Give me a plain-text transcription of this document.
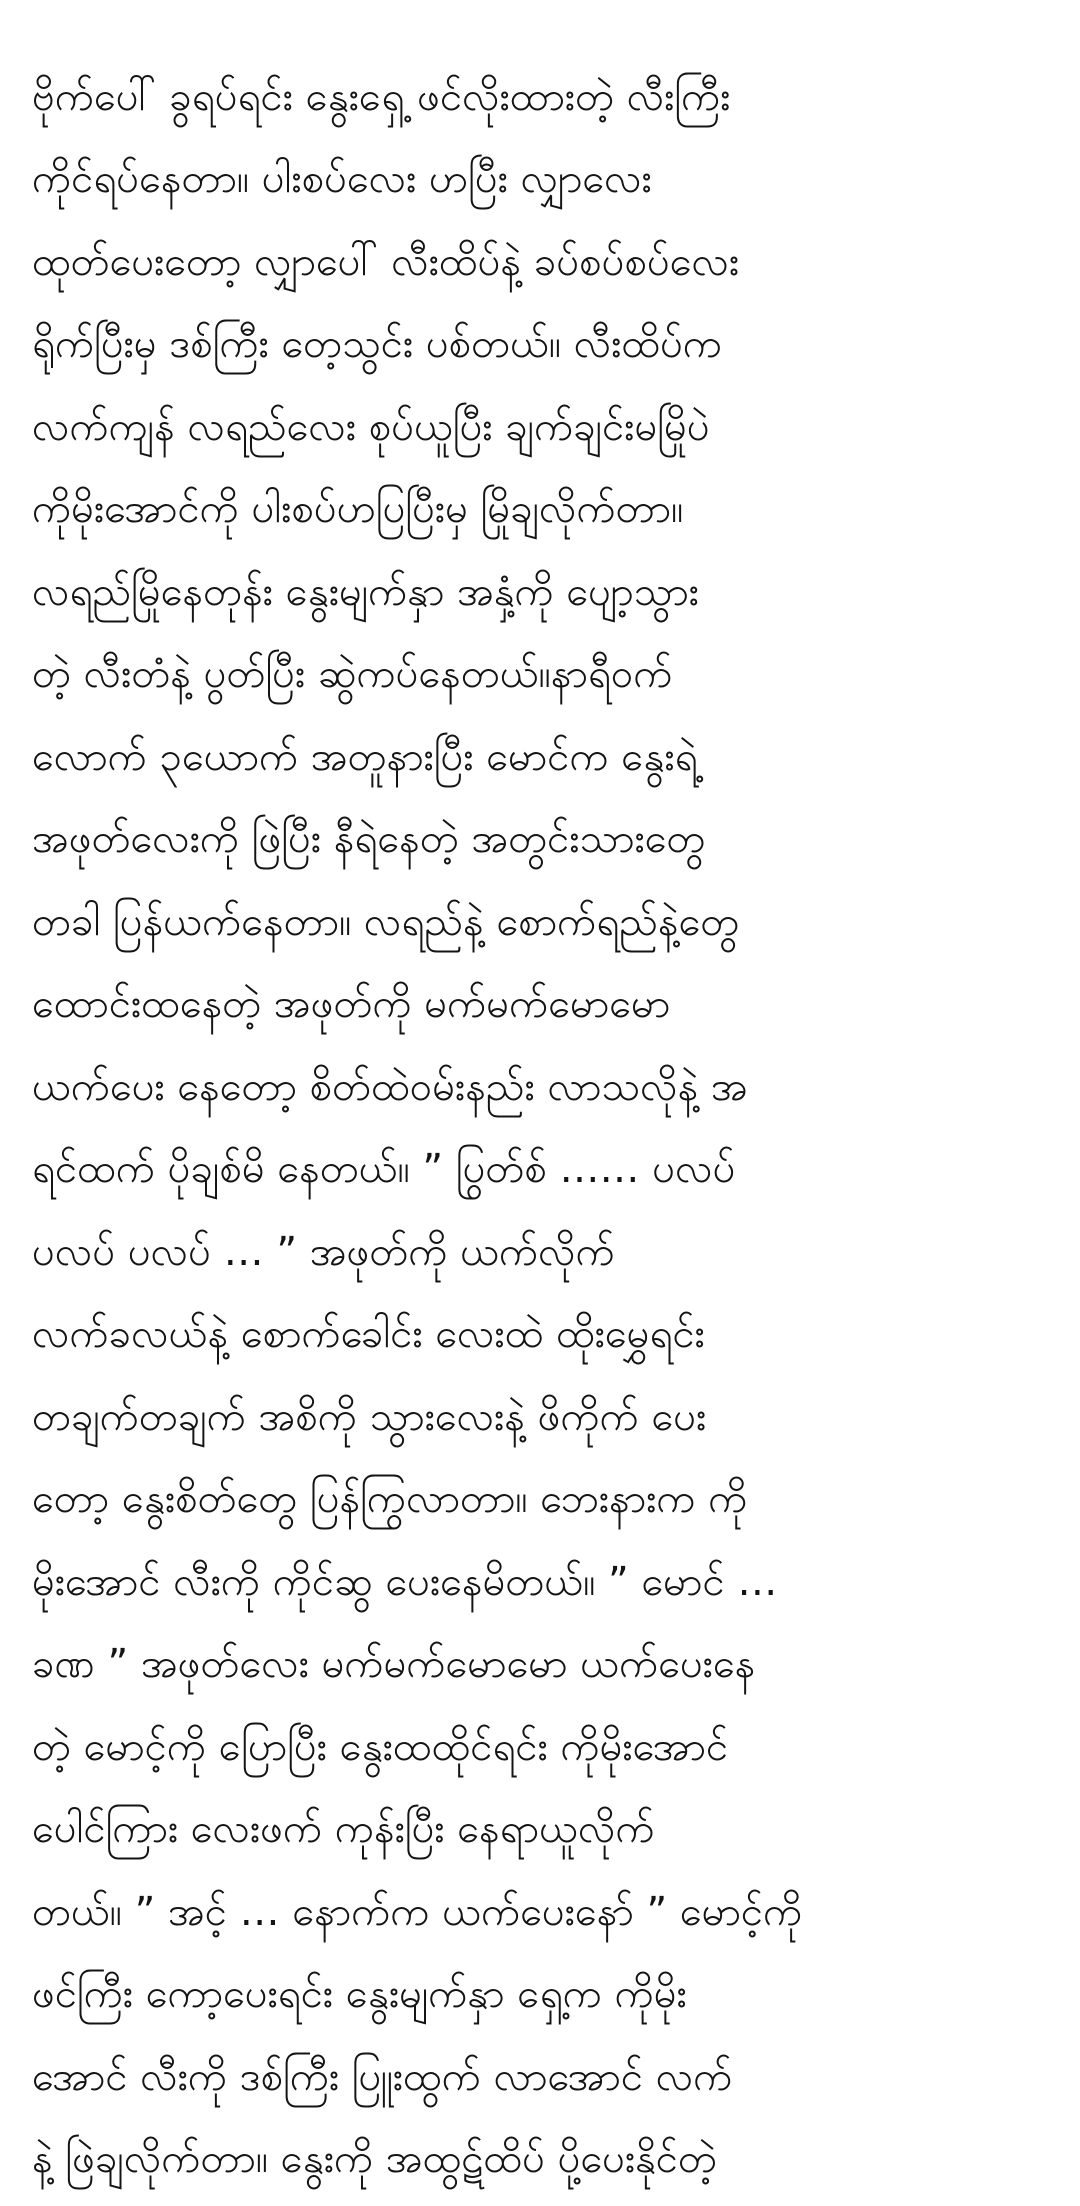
ဗိုက်ပေါ် ခွရပ်ရင်း နွေးရှေ့ ဖင်လိုးထားတဲ့ လီးကြီး
ကိုင်ရပ်နေတာ။ ပါးစပ်လေး ဟပြီး လျှာလေး
ထုတ်ပေးတော့ လျှာပေါ် လီးထိပ်နဲ့ ခပ်စပ်စပ်လေး
ရိုက်ပြီးမှ ဒစ်ကြီး တေ့သွင်း ပစ်တယ်။ လီးထိပ်က
လက်ကျန် လရည်လေး စုပ်ယူပြီး ချက်ချင်းမမြိုပဲ
ကိုမိုးအောင်ကို ပါးစပ်ဟပြပြီးမှ မြိုချလိုက်တာ။
လရည်မြိုနေတုန်း နွေးမျက်နှာ အနှံ့ကို ပျော့သွား
တဲ့ လီးတံနဲ့ ပွတ်ပြီး ဆွဲကပ်နေတယ်။နာရီဝက်
လောက် ၃ယောက် အတူနားပြီး မောင်က နွေးရဲ့
အဖုတ်လေးကို ဖြဲပြီး နီရဲနေတဲ့ အတွင်းသားတွေ
တခါ ပြန်ယက်နေတာ။ လရည်နဲ့ စောက်ရည်နဲ့တွေ
ထောင်းထနေတဲ့ အဖုတ်ကို မက်မက်မောမော
ယက်ပေး နေတော့ စိတ်ထဲဝမ်းနည်း လာသလိုနဲ့ အ
ရင်ထက် ပိုချစ်မိ နေတယ်။ ” ပြွတ်စ် …… ပလပ်
ပလပ် ပလပ် … ” အဖုတ်ကို ယက်လိုက်
လက်ခလယ်နဲ့ စောက်ခေါင်း လေးထဲ ထိုးမွှေရင်း
တချက်တချက် အစိကို သွားလေးနဲ့ ဖိကိုက် ပေး
တော့ နွေးစိတ်တွေ ပြန်ကြွလာတာ။ ဘေးနားက ကို
မိုးအောင် လီးကို ကိုင်ဆွ ပေးနေမိတယ်။ ” မောင် …
ခဏ ” အဖုတ်လေး မက်မက်မောမော ယက်ပေးနေ
တဲ့ မောင့်ကို ပြောပြီး နွေးထထိုင်ရင်း ကိုမိုးအောင်
ပေါင်ကြား လေးဖက် ကုန်းပြီး နေရာယူလိုက်
တယ်။ ” အင့် … နောက်က ယက်ပေးနော် ” မောင့်ကို
ဖင်ကြီး ကော့ပေးရင်း နွေးမျက်နှာ ရှေ့က ကိုမိုး
အောင် လီးကို ဒစ်ကြီး ပြူးထွက် လာအောင် လက်
နဲ့ ဖြဲချလိုက်တာ။ နွေးကို အထွဋ်ထိပ် ပို့ပေးနိုင်တဲ့
